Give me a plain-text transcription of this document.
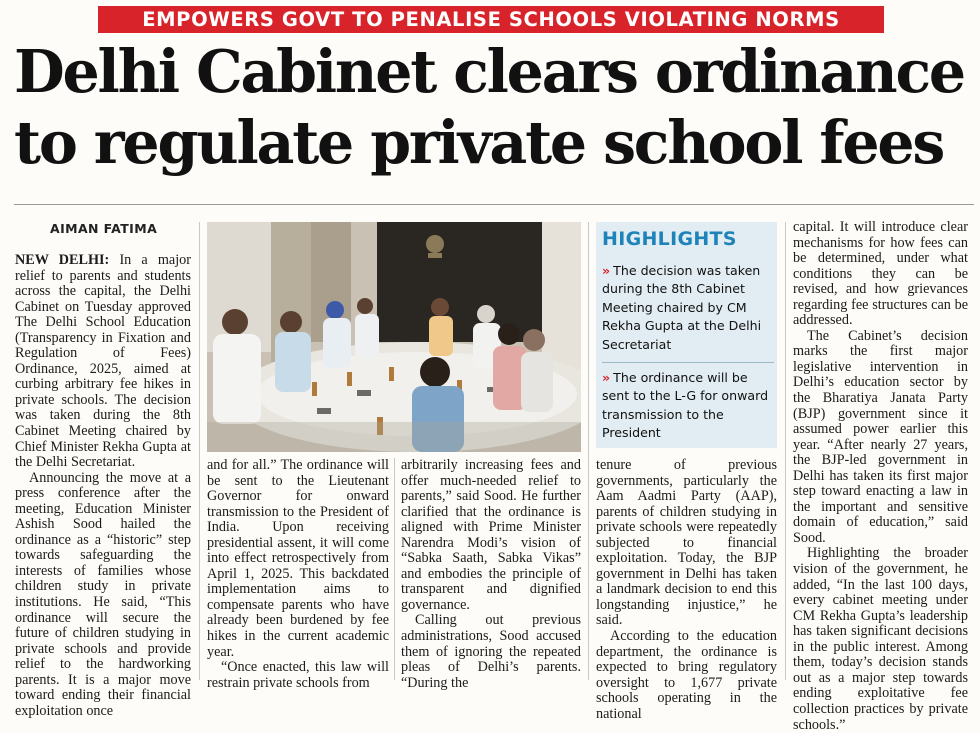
EMPOWERS GOVT TO PENALISE SCHOOLS VIOLATING NORMS
Delhi Cabinet clears ordinance
to regulate private school fees
AIMAN FATIMA

NEW DELHI: In a major relief to parents and students across the capital, the Delhi Cabinet on Tuesday approved The Delhi School Education (Transparency in Fixation and Regulation of Fees) Ordinance, 2025, aimed at curbing arbitrary fee hikes in private schools. The decision was taken during the 8th Cabinet Meeting chaired by Chief Minister Rekha Gupta at the Delhi Secretariat.

Announcing the move at a press conference after the meeting, Education Minister Ashish Sood hailed the ordinance as a “historic” step towards safeguarding the interests of families whose children study in private institutions. He said, “This ordinance will secure the future of children studying in private schools and provide relief to the hardworking parents. It is a major move toward ending their financial exploitation once

and for all.” The ordinance will be sent to the Lieutenant Governor for onward transmission to the President of India. Upon receiving presidential assent, it will come into effect retrospectively from April 1, 2025. This backdated implementation aims to compensate parents who have already been burdened by fee hikes in the current academic year.

“Once enacted, this law will restrain private schools from

arbitrarily increasing fees and offer much-needed relief to parents,” said Sood. He further clarified that the ordinance is aligned with Prime Minister Narendra Modi’s vision of “Sabka Saath, Sabka Vikas” and embodies the principle of transparent and dignified governance.

Calling out previous administrations, Sood accused them of ignoring the repeated pleas of Delhi’s parents. “During the

HIGHLIGHTS
» The decision was taken during the 8th Cabinet Meeting chaired by CM Rekha Gupta at the Delhi Secretariat
» The ordinance will be sent to the L-G for onward transmission to the President

tenure of previous governments, particularly the Aam Aadmi Party (AAP), parents of children studying in private schools were repeatedly subjected to financial exploitation. Today, the BJP government in Delhi has taken a landmark decision to end this longstanding injustice,” he said.

According to the education department, the ordinance is expected to bring regulatory oversight to 1,677 private schools operating in the national

capital. It will introduce clear mechanisms for how fees can be determined, under what conditions they can be revised, and how grievances regarding fee structures can be addressed.

The Cabinet’s decision marks the first major legislative intervention in Delhi’s education sector by the Bharatiya Janata Party (BJP) government since it assumed power earlier this year. “After nearly 27 years, the BJP-led government in Delhi has taken its first major step toward enacting a law in the important and sensitive domain of education,” said Sood.

Highlighting the broader vision of the government, he added, “In the last 100 days, every cabinet meeting under CM Rekha Gupta’s leadership has taken significant decisions in the public interest. Among them, today’s decision stands out as a major step towards ending exploitative fee collection practices by private schools.”
